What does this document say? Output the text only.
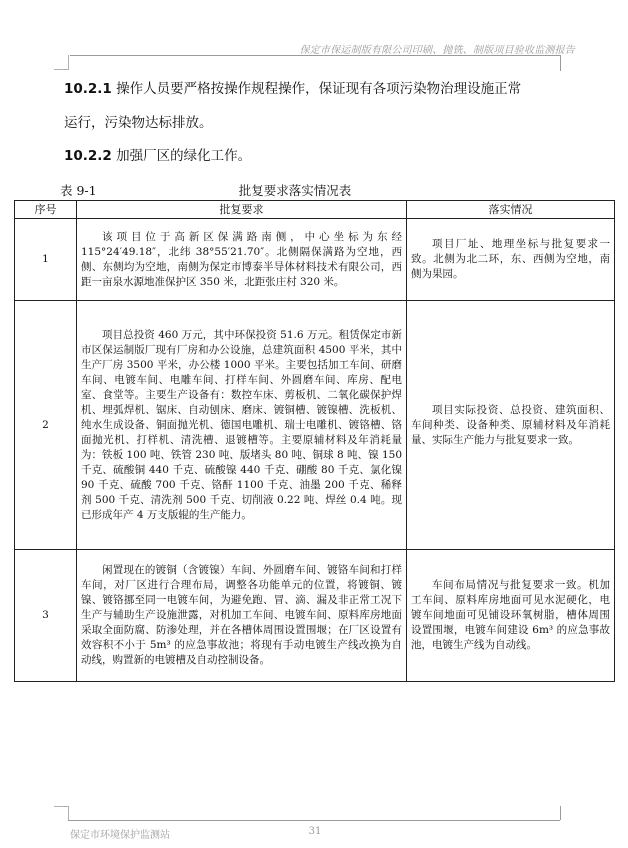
保定市保运制版有限公司印刷、抛铣、制版项目验收监测报告
10.2.1 操作人员要严格按操作规程操作，保证现有各项污染物治理设施正常
运行，污染物达标排放。
10.2.2 加强厂区的绿化工作。
表 9-1	批复要求落实情况表
序号	批复要求	落实情况
1	该项目位于高新区保满路南侧，中心坐标为东经115°24′49.18″，北纬 38°55′21.70″。北侧隔保满路为空地，西侧、东侧均为空地，南侧为保定市博泰半导体材料技术有限公司，西距一亩泉水源地准保护区 350 米，北距张庄村 320 米。	项目厂址、地理坐标与批复要求一致。北侧为北二环，东、西侧为空地，南侧为果园。
2	项目总投资 460 万元，其中环保投资 51.6 万元。租赁保定市新市区保运制版厂现有厂房和办公设施，总建筑面积 4500 平米，其中生产厂房 3500 平米，办公楼 1000 平米。主要包括加工车间、研磨车间、电镀车间、电雕车间、打样车间、外圆磨车间、库房、配电室、食堂等。主要生产设备有：数控车床、剪板机、二氧化碳保护焊机、埋弧焊机、锯床、自动刨床、磨床、镀铜槽、镀镍槽、洗板机、纯水生成设备、铜面抛光机、德国电雕机、瑞士电雕机、镀铬槽、铬面抛光机、打样机、清洗槽、退镀槽等。主要原辅材料及年消耗量为：铁板 100 吨、铁管 230 吨、版堵头 80 吨、铜球 8 吨、镍 150 千克、硫酸铜 440 千克、硫酸镍 440 千克、硼酸 80 千克、氯化镍 90 千克、硫酸 700 千克、铬酐 1100 千克、油墨 200 千克、稀释剂 500 千克、清洗剂 500 千克、切削液 0.22 吨、焊丝 0.4 吨。现已形成年产 4 万支版辊的生产能力。	项目实际投资、总投资、建筑面积、车间种类、设备种类、原辅材料及年消耗量、实际生产能力与批复要求一致。
3	闲置现在的镀铜（含镀镍）车间、外圆磨车间、镀铬车间和打样车间，对厂区进行合理布局，调整各功能单元的位置，将镀铜、镀镍、镀铬挪至同一电镀车间，为避免跑、冒、滴、漏及非正常工况下生产与辅助生产设施泄露，对机加工车间、电镀车间、原料库房地面采取全面防腐、防渗处理，并在各槽体周围设置围堰；在厂区设置有效容积不小于 5m³ 的应急事故池；将现有手动电镀生产线改换为自动线，购置新的电镀槽及自动控制设备。	车间布局情况与批复要求一致。机加工车间、原料库房地面可见水泥硬化，电镀车间地面可见铺设环氧树脂，槽体周围设置围堰，电镀车间建设 6m³ 的应急事故池，电镀生产线为自动线。
保定市环境保护监测站	31
